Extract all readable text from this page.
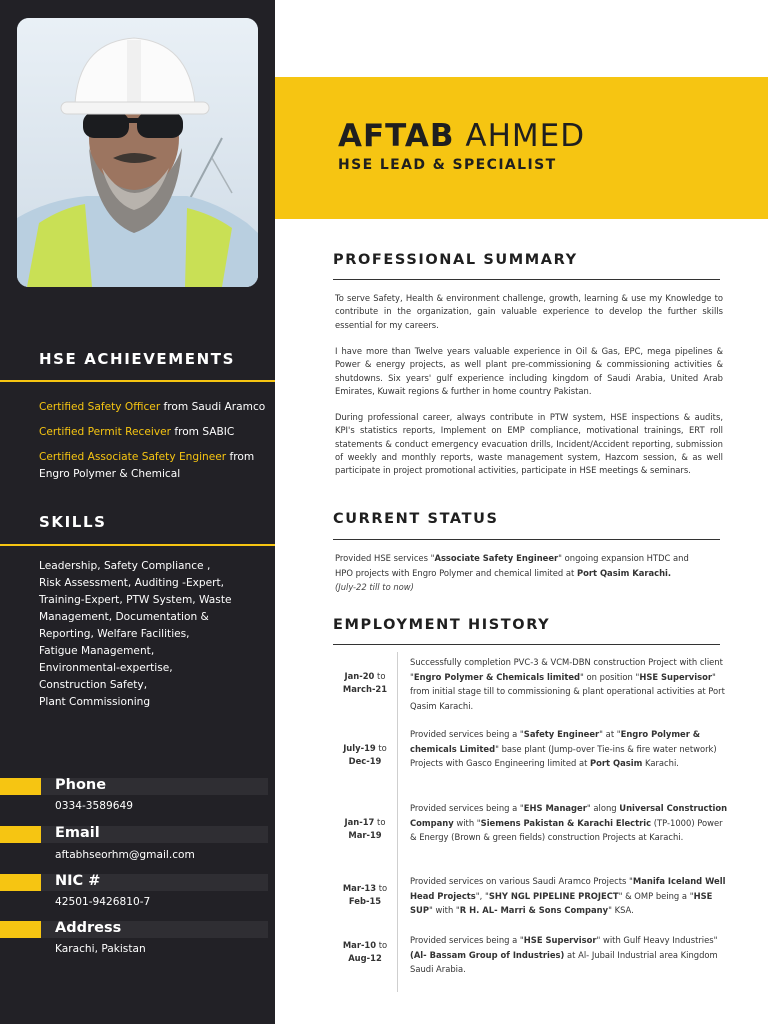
HSE ACHIEVEMENTS
Certified Safety Officer from Saudi Aramco
Certified Permit Receiver from SABIC
Certified Associate Safety Engineer from
Engro Polymer & Chemical
SKILLS
Leadership, Safety Compliance ,
Risk Assessment, Auditing -Expert,
Training-Expert, PTW System, Waste
Management, Documentation &
Reporting, Welfare Facilities,
Fatigue Management,
Environmental-expertise,
Construction Safety,
Plant Commissioning
Phone
0334-3589649
Email
aftabhseorhm@gmail.com
NIC #
42501-9426810-7
Address
Karachi, Pakistan
AFTAB AHMED
HSE LEAD & SPECIALIST
PROFESSIONAL SUMMARY
To serve Safety, Health & environment challenge, growth, learning & use my Knowledge to contribute in the organization, gain valuable experience to develop the further skills essential for my careers.
I have more than Twelve years valuable experience in Oil & Gas, EPC, mega pipelines & Power & energy projects, as well plant pre-commissioning & commissioning activities & shutdowns. Six years' gulf experience including kingdom of Saudi Arabia, United Arab Emirates, Kuwait regions & further in home country Pakistan.
During professional career, always contribute in PTW system, HSE inspections & audits, KPI's statistics reports, Implement on EMP compliance, motivational trainings, ERT roll statements & conduct emergency evacuation drills, Incident/Accident reporting, submission of weekly and monthly reports, waste management system, Hazcom session, & as well participate in project promotional activities, participate in HSE meetings & seminars.
CURRENT STATUS
Provided HSE services "Associate Safety Engineer" ongoing expansion HTDC and HPO projects with Engro Polymer and chemical limited at Port Qasim Karachi.
(July-22 till to now)
EMPLOYMENT HISTORY
Jan-20 to
March-21
Successfully completion PVC-3 & VCM-DBN construction Project with client "Engro Polymer & Chemicals limited" on position "HSE Supervisor" from initial stage till to commissioning & plant operational activities at Port Qasim Karachi.
July-19 to
Dec-19
Provided services being a "Safety Engineer" at "Engro Polymer & chemicals Limited" base plant (Jump-over Tie-ins & fire water network) Projects with Gasco Engineering limited at Port Qasim Karachi.
Jan-17 to
Mar-19
Provided services being a "EHS Manager" along Universal Construction Company with "Siemens Pakistan & Karachi Electric (TP-1000) Power & Energy (Brown & green fields) construction Projects at Karachi.
Mar-13 to
Feb-15
Provided services on various Saudi Aramco Projects "Manifa Iceland Well Head Projects", "SHY NGL PIPELINE PROJECT" & OMP being a "HSE SUP" with "R H. AL- Marri & Sons Company" KSA.
Mar-10 to
Aug-12
Provided services being a "HSE Supervisor" with Gulf Heavy Industries" (Al- Bassam Group of Industries) at Al- Jubail Industrial area Kingdom Saudi Arabia.
